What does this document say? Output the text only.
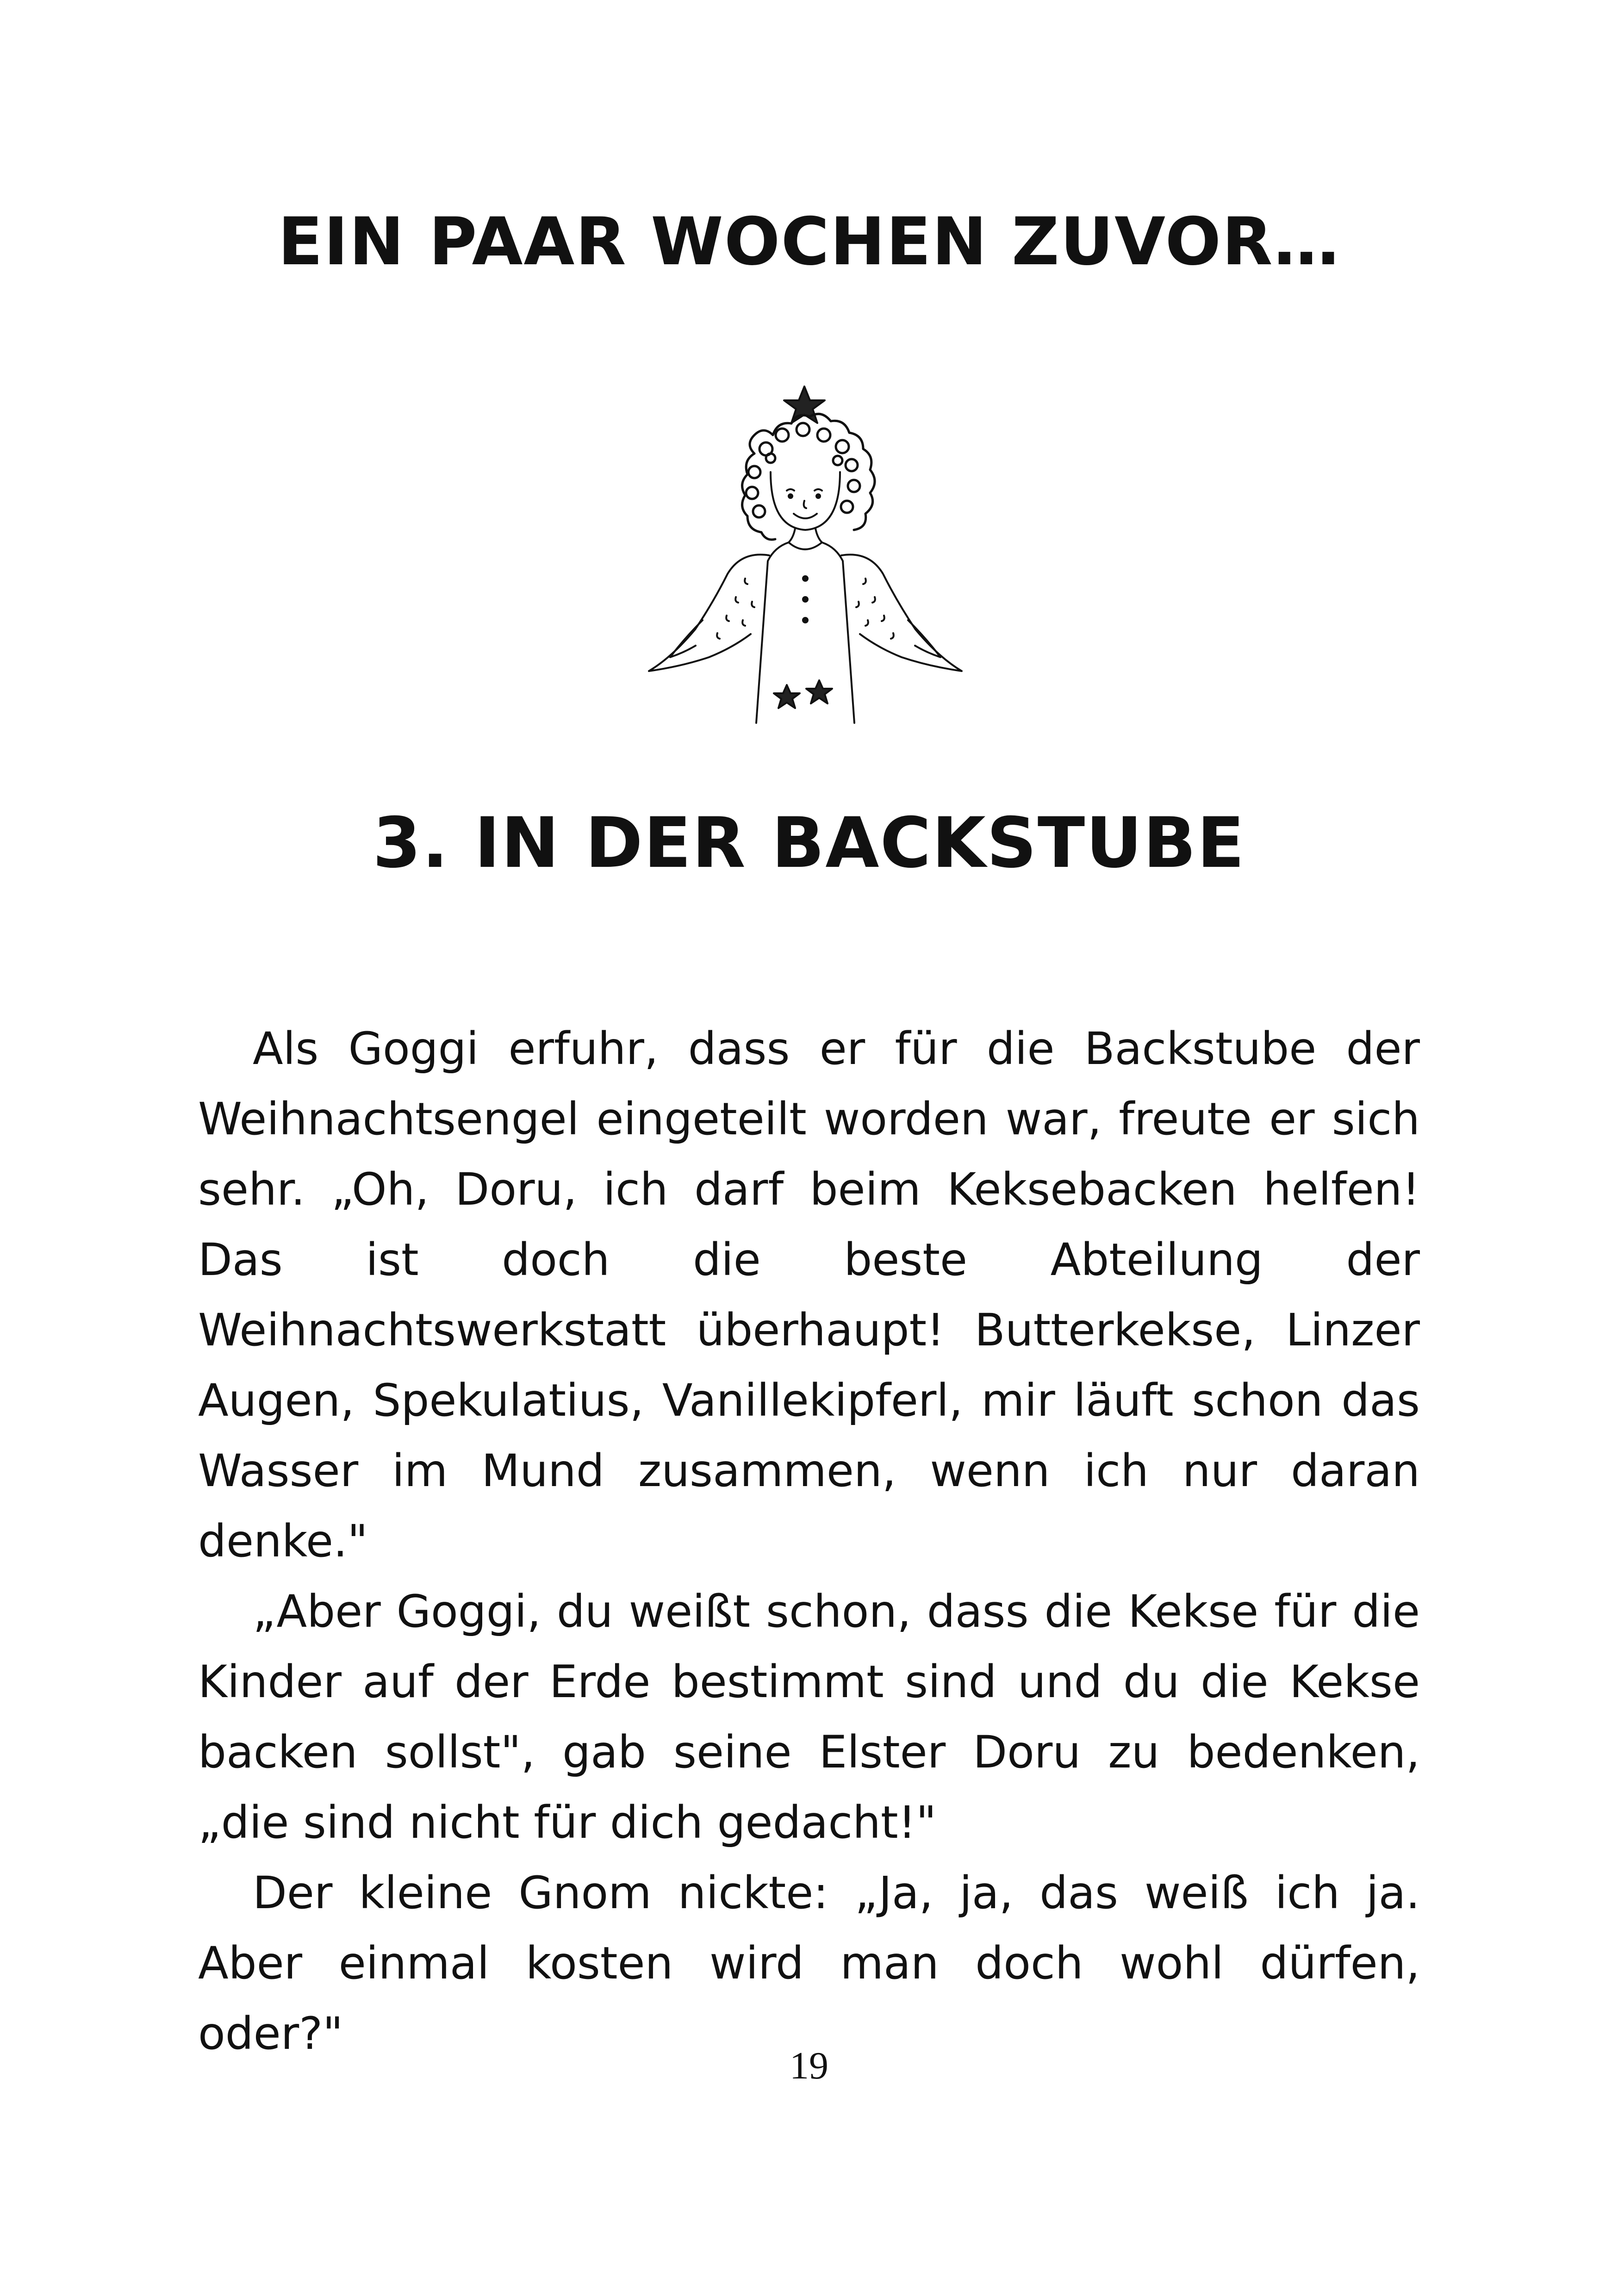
EIN PAAR WOCHEN ZUVOR…
3. IN DER BACKSTUBE

Als Goggi erfuhr, dass er für die Backstube der Weihnachtsengel eingeteilt worden war, freute er sich sehr. „Oh, Doru, ich darf beim Keksebacken helfen! Das ist doch die beste Abteilung der Weihnachtswerkstatt überhaupt! Butterkekse, Linzer Augen, Spekulatius, Vanillekipferl, mir läuft schon das Wasser im Mund zusammen, wenn ich nur daran denke."

„Aber Goggi, du weißt schon, dass die Kekse für die Kinder auf der Erde bestimmt sind und du die Kekse backen sollst", gab seine Elster Doru zu bedenken, „die sind nicht für dich gedacht!"

Der kleine Gnom nickte: „Ja, ja, das weiß ich ja. Aber einmal kosten wird man doch wohl dürfen, oder?"

19
